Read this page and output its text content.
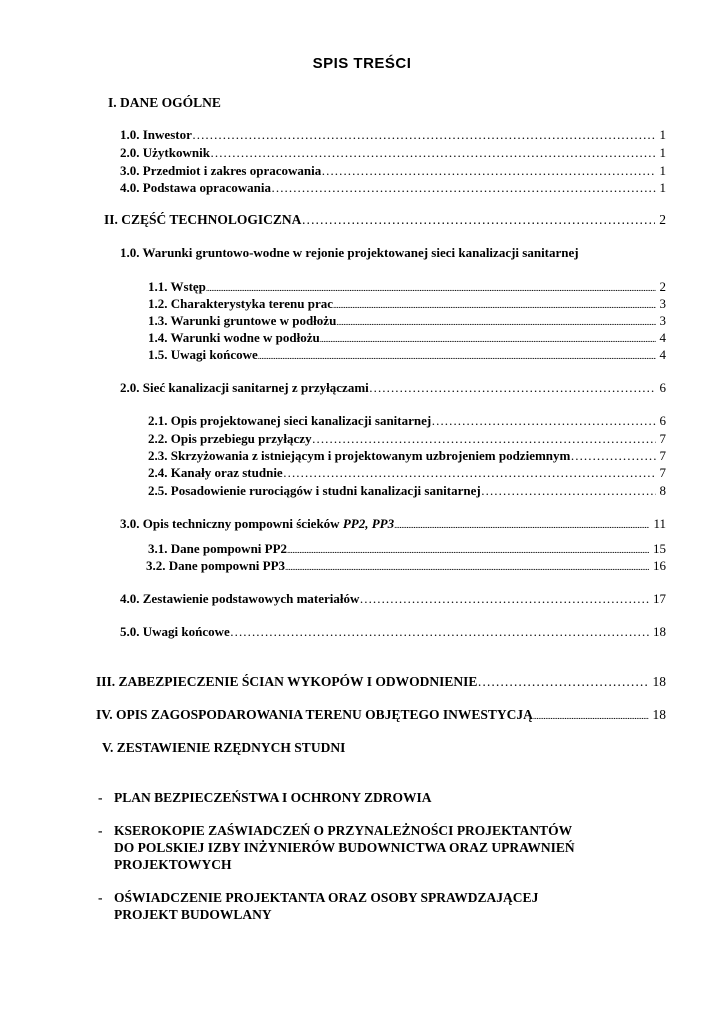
SPIS TREŚCI
I. DANE OGÓLNE
1.0. Inwestor …………………………………………………………………………………………………………………………………………………………………………………	1
2.0. Użytkownik …………………………………………………………………………………………………………………………………………………………………………………	1
3.0. Przedmiot i zakres opracowania …………………………………………………………………………………………………………………………………………………………………………………	1
4.0. Podstawa opracowania …………………………………………………………………………………………………………………………………………………………………………………	1
II. CZĘŚĆ TECHNOLOGICZNA …………………………………………………………………………………………………………………………………………………………………………………	2
1.0. Warunki gruntowo-wodne w rejonie projektowanej sieci kanalizacji sanitarnej
1.1. Wstęp .....	2
1.2. Charakterystyka terenu prac .....	3
1.3. Warunki gruntowe w podłożu .....	3
1.4. Warunki wodne w podłożu .....	4
1.5. Uwagi końcowe .....	4
2.0. Sieć kanalizacji sanitarnej z przyłączami …………………………………………………………………………………………………………………………………………………………………………………	6
2.1. Opis projektowanej sieci kanalizacji sanitarnej …………………………………………………………………………………………………………………………………………………………………………………	6
2.2. Opis przebiegu przyłączy …………………………………………………………………………………………………………………………………………………………………………………	7
2.3. Skrzyżowania z istniejącym i projektowanym uzbrojeniem podziemnym …………………………………………………………………………………………………………………………………………………………………………………	7
2.4. Kanały oraz studnie …………………………………………………………………………………………………………………………………………………………………………………	7
2.5. Posadowienie rurociągów i studni kanalizacji sanitarnej …………………………………………………………………………………………………………………………………………………………………………………	8
3.0. Opis techniczny pompowni ścieków PP2, PP3 .....	11
3.1. Dane pompowni PP2 .....	15
3.2. Dane pompowni PP3 .....	16
4.0. Zestawienie podstawowych materiałów …………………………………………………………………………………………………………………………………………………………………………………	17
5.0. Uwagi końcowe …………………………………………………………………………………………………………………………………………………………………………………	18
III. ZABEZPIECZENIE ŚCIAN WYKOPÓW I ODWODNIENIE …………………………………………………………………………………………………………………………………………………………………………………	18
IV. OPIS ZAGOSPODAROWANIA TERENU OBJĘTEGO INWESTYCJĄ .....	18
V. ZESTAWIENIE RZĘDNYCH STUDNI
- PLAN BEZPIECZEŃSTWA I OCHRONY ZDROWIA
- KSEROKOPIE ZAŚWIADCZEŃ O PRZYNALEŻNOŚCI PROJEKTANTÓW
DO POLSKIEJ IZBY INŻYNIERÓW BUDOWNICTWA ORAZ UPRAWNIEŃ
PROJEKTOWYCH
- OŚWIADCZENIE PROJEKTANTA ORAZ OSOBY SPRAWDZAJĄCEJ
PROJEKT BUDOWLANY
